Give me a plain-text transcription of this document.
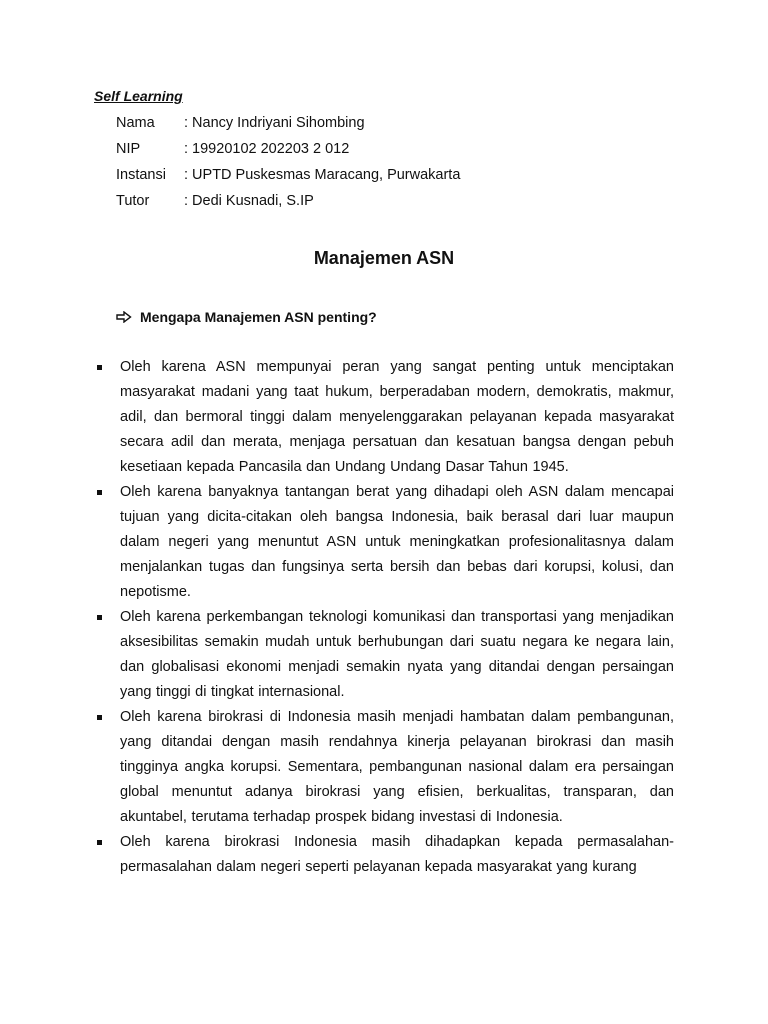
Self Learning
Nama	: Nancy Indriyani Sihombing
NIP	: 19920102 202203 2 012
Instansi	: UPTD Puskesmas Maracang, Purwakarta
Tutor	: Dedi Kusnadi, S.IP
Manajemen ASN
Mengapa Manajemen ASN penting?
Oleh karena ASN mempunyai peran yang sangat penting untuk menciptakan masyarakat madani yang taat hukum, berperadaban modern, demokratis, makmur, adil, dan bermoral tinggi dalam menyelenggarakan pelayanan kepada masyarakat secara adil dan merata, menjaga persatuan dan kesatuan bangsa dengan pebuh kesetiaan kepada Pancasila dan Undang Undang Dasar Tahun 1945.
Oleh karena banyaknya tantangan berat yang dihadapi oleh ASN dalam mencapai tujuan yang dicita-citakan oleh bangsa Indonesia, baik berasal dari luar maupun dalam negeri yang menuntut ASN untuk meningkatkan profesionalitasnya dalam menjalankan tugas dan fungsinya serta bersih dan bebas dari korupsi, kolusi, dan nepotisme.
Oleh karena perkembangan teknologi komunikasi dan transportasi yang menjadikan aksesibilitas semakin mudah untuk berhubungan dari suatu negara ke negara lain, dan globalisasi ekonomi menjadi semakin nyata yang ditandai dengan persaingan yang tinggi di tingkat internasional.
Oleh karena birokrasi di Indonesia masih menjadi hambatan dalam pembangunan, yang ditandai dengan masih rendahnya kinerja pelayanan birokrasi dan masih tingginya angka korupsi. Sementara, pembangunan nasional dalam era persaingan global menuntut adanya birokrasi yang efisien, berkualitas, transparan, dan akuntabel, terutama terhadap prospek bidang investasi di Indonesia.
Oleh karena birokrasi Indonesia masih dihadapkan kepada permasalahan-permasalahan dalam negeri seperti pelayanan kepada masyarakat yang kurang
